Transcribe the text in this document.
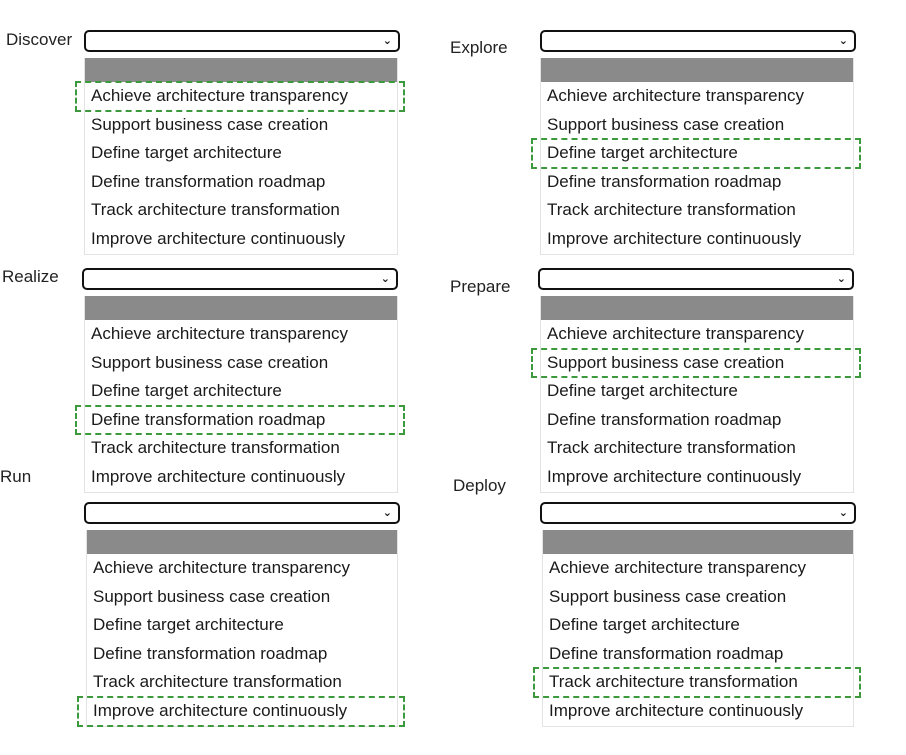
Discover	⌄
Achieve architecture transparency
Support business case creation
Define target architecture
Define transformation roadmap
Track architecture transformation
Improve architecture continuously
Explore	⌄
Achieve architecture transparency
Support business case creation
Define target architecture
Define transformation roadmap
Track architecture transformation
Improve architecture continuously
Realize	⌄
Achieve architecture transparency
Support business case creation
Define target architecture
Define transformation roadmap
Track architecture transformation
Improve architecture continuously
Prepare	⌄
Achieve architecture transparency
Support business case creation
Define target architecture
Define transformation roadmap
Track architecture transformation
Improve architecture continuously
Run
⌄
Achieve architecture transparency
Support business case creation
Define target architecture
Define transformation roadmap
Track architecture transformation
Improve architecture continuously
Deploy
⌄
Achieve architecture transparency
Support business case creation
Define target architecture
Define transformation roadmap
Track architecture transformation
Improve architecture continuously
